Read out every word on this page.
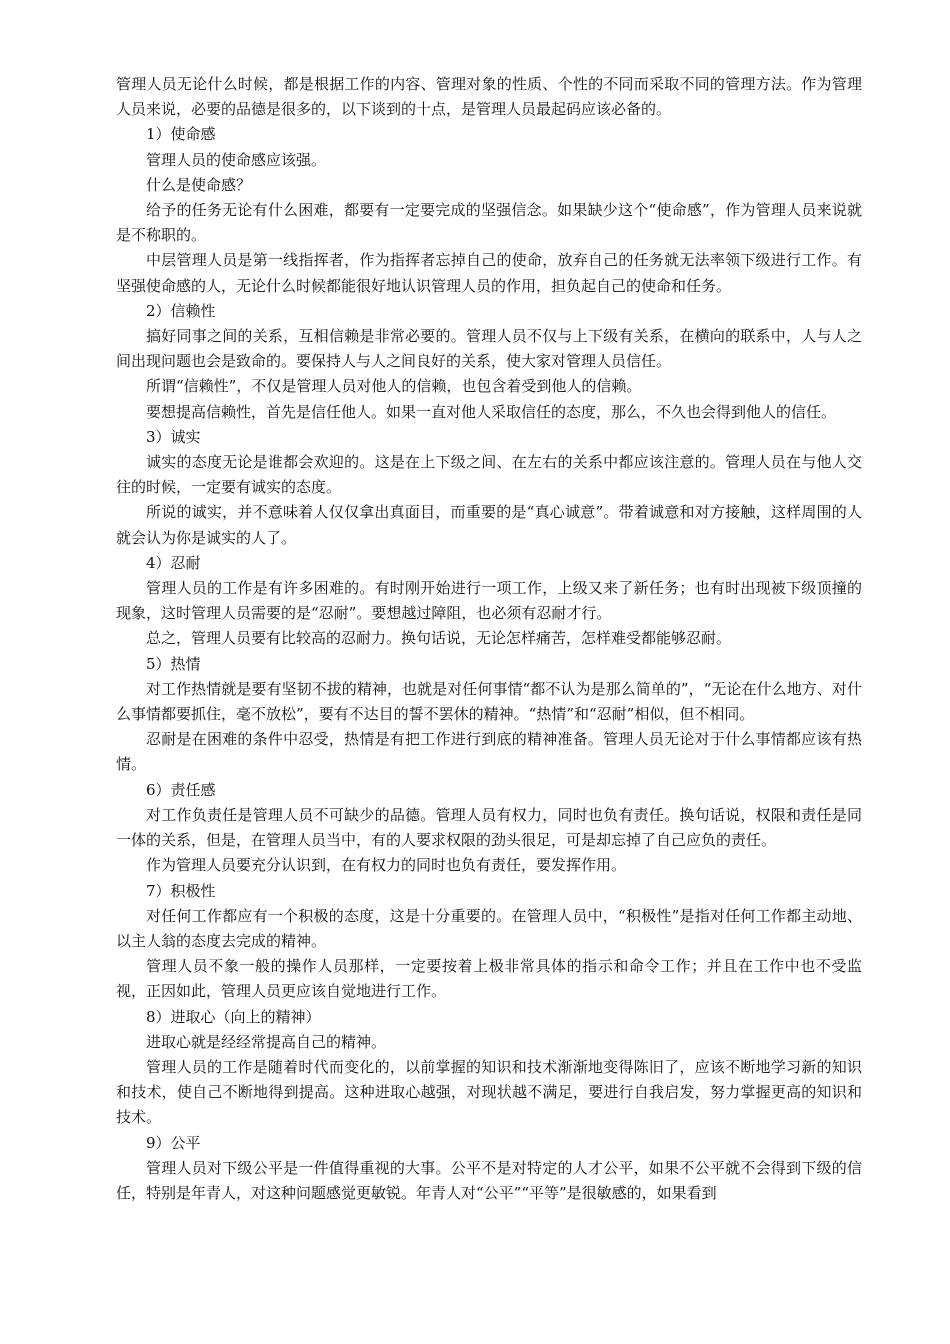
管理人员无论什么时候，都是根据工作的内容、管理对象的性质、个性的不同而采取不同的管理方法。作为管理人员来说，必要的品德是很多的，以下谈到的十点，是管理人员最起码应该必备的。

1）使命感

管理人员的使命感应该强。

什么是使命感？

给予的任务无论有什么困难，都要有一定要完成的坚强信念。如果缺少这个“使命感”，作为管理人员来说就是不称职的。

中层管理人员是第一线指挥者，作为指挥者忘掉自己的使命，放弃自己的任务就无法率领下级进行工作。有坚强使命感的人，无论什么时候都能很好地认识管理人员的作用，担负起自己的使命和任务。

2）信赖性

搞好同事之间的关系，互相信赖是非常必要的。管理人员不仅与上下级有关系，在横向的联系中，人与人之间出现问题也会是致命的。要保持人与人之间良好的关系，使大家对管理人员信任。

所谓“信赖性”，不仅是管理人员对他人的信赖，也包含着受到他人的信赖。

要想提高信赖性，首先是信任他人。如果一直对他人采取信任的态度，那么，不久也会得到他人的信任。

3）诚实

诚实的态度无论是谁都会欢迎的。这是在上下级之间、在左右的关系中都应该注意的。管理人员在与他人交往的时候，一定要有诚实的态度。

所说的诚实，并不意味着人仅仅拿出真面目，而重要的是“真心诚意”。带着诚意和对方接触，这样周围的人就会认为你是诚实的人了。

4）忍耐

管理人员的工作是有许多困难的。有时刚开始进行一项工作，上级又来了新任务；也有时出现被下级顶撞的现象，这时管理人员需要的是“忍耐”。要想越过障阻，也必须有忍耐才行。

总之，管理人员要有比较高的忍耐力。换句话说，无论怎样痛苦，怎样难受都能够忍耐。

5）热情

对工作热情就是要有坚韧不拔的精神，也就是对任何事情“都不认为是那么简单的”，“无论在什么地方、对什么事情都要抓住，毫不放松”，要有不达目的誓不罢休的精神。“热情”和“忍耐”相似，但不相同。

忍耐是在困难的条件中忍受，热情是有把工作进行到底的精神准备。管理人员无论对于什么事情都应该有热情。

6）责任感

对工作负责任是管理人员不可缺少的品德。管理人员有权力，同时也负有责任。换句话说，权限和责任是同一体的关系，但是，在管理人员当中，有的人要求权限的劲头很足，可是却忘掉了自己应负的责任。

作为管理人员要充分认识到，在有权力的同时也负有责任，要发挥作用。

7）积极性

对任何工作都应有一个积极的态度，这是十分重要的。在管理人员中，“积极性”是指对任何工作都主动地、以主人翁的态度去完成的精神。

管理人员不象一般的操作人员那样，一定要按着上极非常具体的指示和命令工作；并且在工作中也不受监视，正因如此，管理人员更应该自觉地进行工作。

8）进取心（向上的精神）

进取心就是经经常提高自己的精神。

管理人员的工作是随着时代而变化的，以前掌握的知识和技术渐渐地变得陈旧了，应该不断地学习新的知识和技术，使自己不断地得到提高。这种进取心越强，对现状越不满足，要进行自我启发，努力掌握更高的知识和技术。

9）公平

管理人员对下级公平是一件值得重视的大事。公平不是对特定的人才公平，如果不公平就不会得到下级的信任，特别是年青人，对这种问题感觉更敏锐。年青人对“公平”“平等”是很敏感的，如果看到
